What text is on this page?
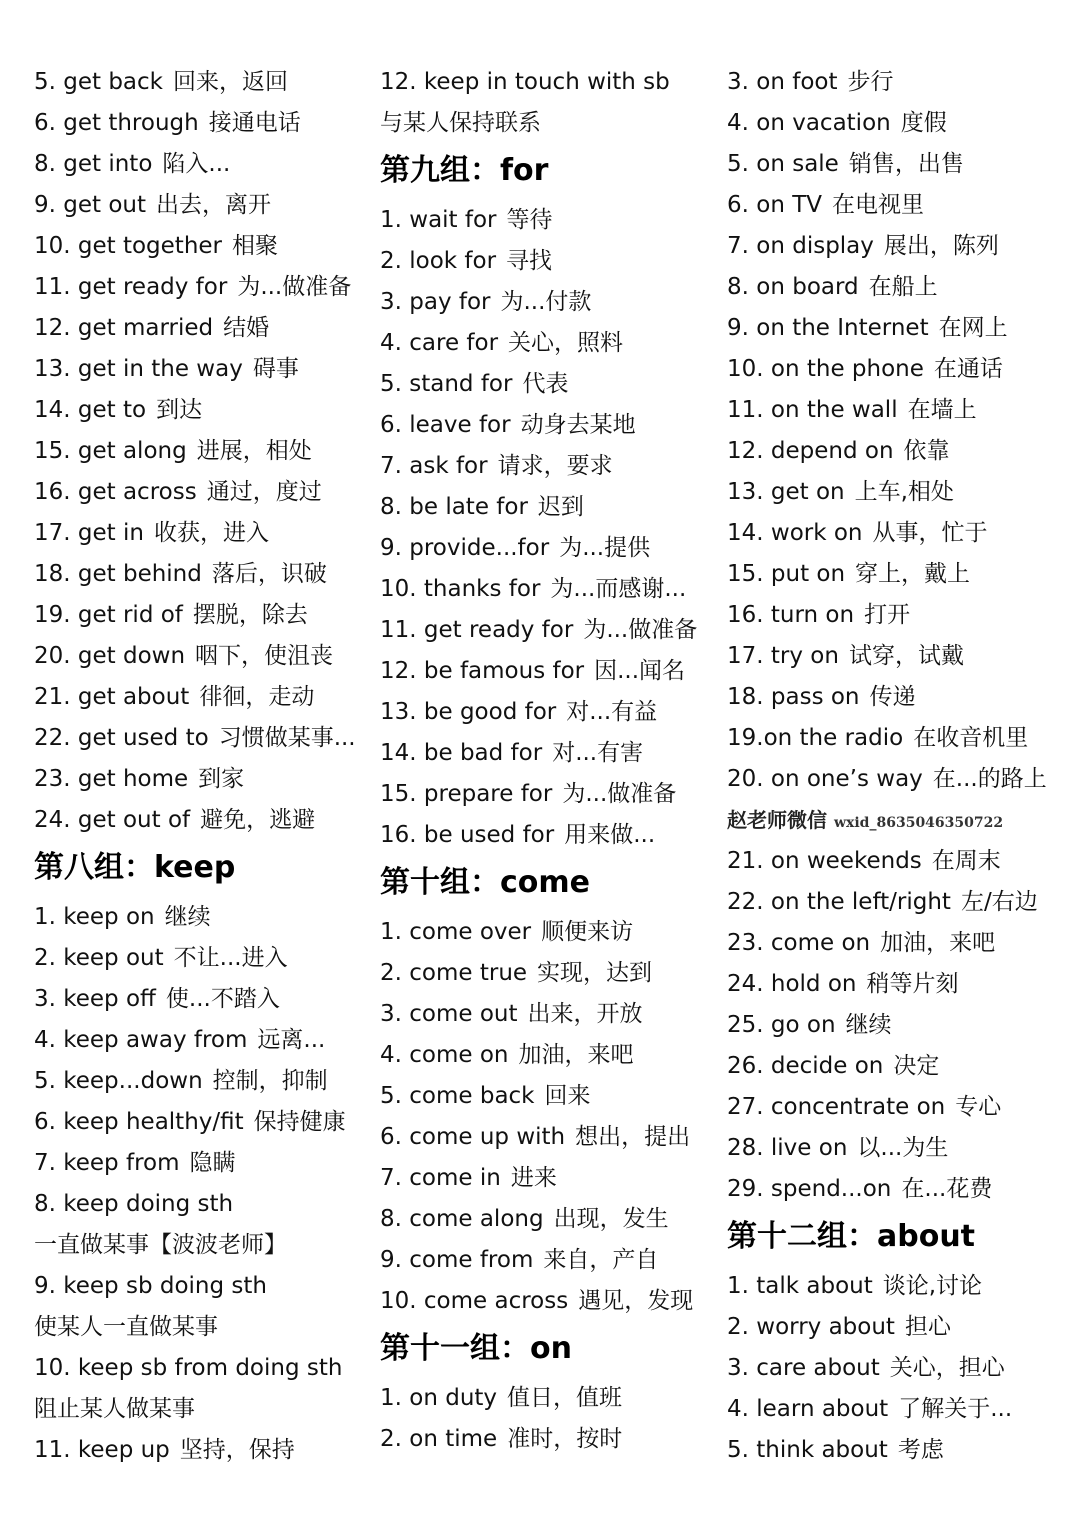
5. get back 回来，返回
6. get through 接通电话
8. get into 陷入...
9. get out 出去，离开
10. get together 相聚
11. get ready for 为...做准备
12. get married 结婚
13. get in the way 碍事
14. get to 到达
15. get along 进展，相处
16. get across 通过，度过
17. get in 收获，进入
18. get behind 落后，识破
19. get rid of 摆脱，除去
20. get down 咽下，使沮丧
21. get about 徘徊，走动
22. get used to 习惯做某事...
23. get home 到家
24. get out of 避免，逃避
第八组：keep
1. keep on 继续
2. keep out 不让...进入
3. keep off 使...不踏入
4. keep away from 远离...
5. keep...down 控制，抑制
6. keep healthy/fit 保持健康
7. keep from 隐瞒
8. keep doing sth
一直做某事【波波老师】
9. keep sb doing sth
使某人一直做某事
10. keep sb from doing sth
阻止某人做某事
11. keep up 坚持，保持
12. keep in touch with sb
与某人保持联系
第九组：for
1. wait for 等待
2. look for 寻找
3. pay for 为...付款
4. care for 关心，照料
5. stand for 代表
6. leave for 动身去某地
7. ask for 请求，要求
8. be late for 迟到
9. provide...for 为...提供
10. thanks for 为...而感谢...
11. get ready for 为...做准备
12. be famous for 因...闻名
13. be good for 对...有益
14. be bad for 对...有害
15. prepare for 为...做准备
16. be used for 用来做...
第十组：come
1. come over 顺便来访
2. come true 实现，达到
3. come out 出来，开放
4. come on 加油，来吧
5. come back 回来
6. come up with 想出，提出
7. come in 进来
8. come along 出现，发生
9. come from 来自，产自
10. come across 遇见，发现
第十一组：on
1. on duty 值日，值班
2. on time 准时，按时
3. on foot 步行
4. on vacation 度假
5. on sale 销售，出售
6. on TV 在电视里
7. on display 展出，陈列
8. on board 在船上
9. on the Internet 在网上
10. on the phone 在通话
11. on the wall 在墙上
12. depend on 依靠
13. get on 上车,相处
14. work on 从事，忙于
15. put on 穿上，戴上
16. turn on 打开
17. try on 试穿，试戴
18. pass on 传递
19.on the radio 在收音机里
20. on one’s way 在...的路上
赵老师微信 wxid_8635046350722
21. on weekends 在周末
22. on the left/right 左/右边
23. come on 加油，来吧
24. hold on 稍等片刻
25. go on 继续
26. decide on 决定
27. concentrate on 专心
28. live on 以...为生
29. spend...on 在...花费
第十二组：about
1. talk about 谈论,讨论
2. worry about 担心
3. care about 关心，担心
4. learn about 了解关于...
5. think about 考虑
